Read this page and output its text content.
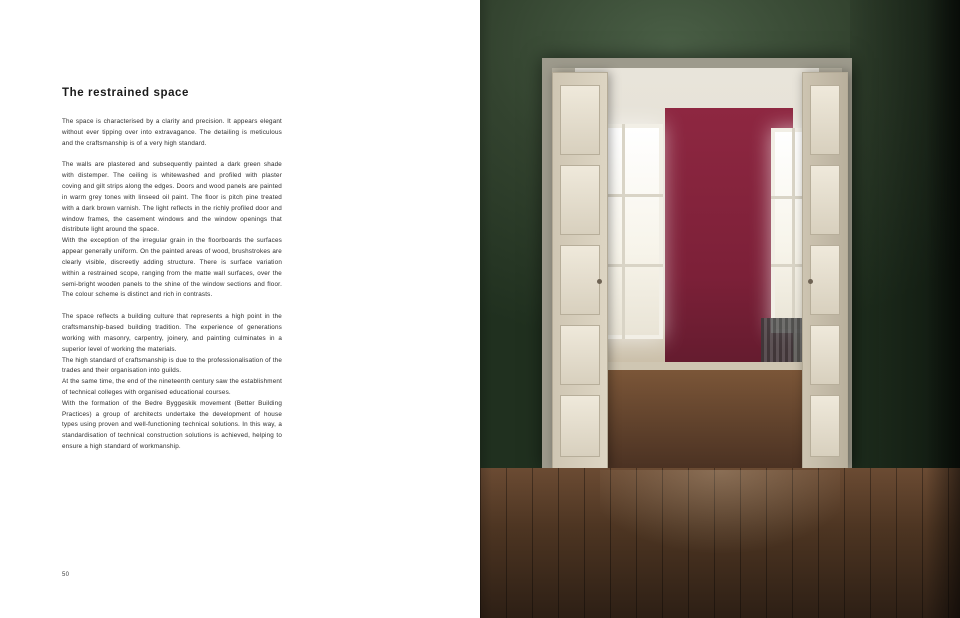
The restrained space

The space is characterised by a clarity and precision. It appears elegant without ever tipping over into extravagance. The detailing is meticulous and the craftsmanship is of a very high standard.

The walls are plastered and subsequently painted a dark green shade with distemper. The ceiling is whitewashed and profiled with plaster coving and gilt strips along the edges. Doors and wood panels are painted in warm grey tones with linseed oil paint. The floor is pitch pine treated with a dark brown varnish. The light reflects in the richly profiled door and window frames, the casement windows and the window openings that distribute light around the space.

With the exception of the irregular grain in the floorboards the surfaces appear generally uniform. On the painted areas of wood, brushstrokes are clearly visible, discreetly adding structure. There is surface variation within a restrained scope, ranging from the matte wall surfaces, over the semi-bright wooden panels to the shine of the window sections and floor. The colour scheme is distinct and rich in contrasts.

The space reflects a building culture that represents a high point in the craftsmanship-based building tradition. The experience of generations working with masonry, carpentry, joinery, and painting culminates in a superior level of working the materials.

The high standard of craftsmanship is due to the professionalisation of the trades and their organisation into guilds.

At the same time, the end of the nineteenth century saw the establishment of technical colleges with organised educational courses.

With the formation of the Bedre Byggeskik movement (Better Building Practices) a group of architects undertake the development of house types using proven and well-functioning technical solutions. In this way, a standardisation of technical construction solutions is achieved, helping to ensure a high standard of workmanship.

50
